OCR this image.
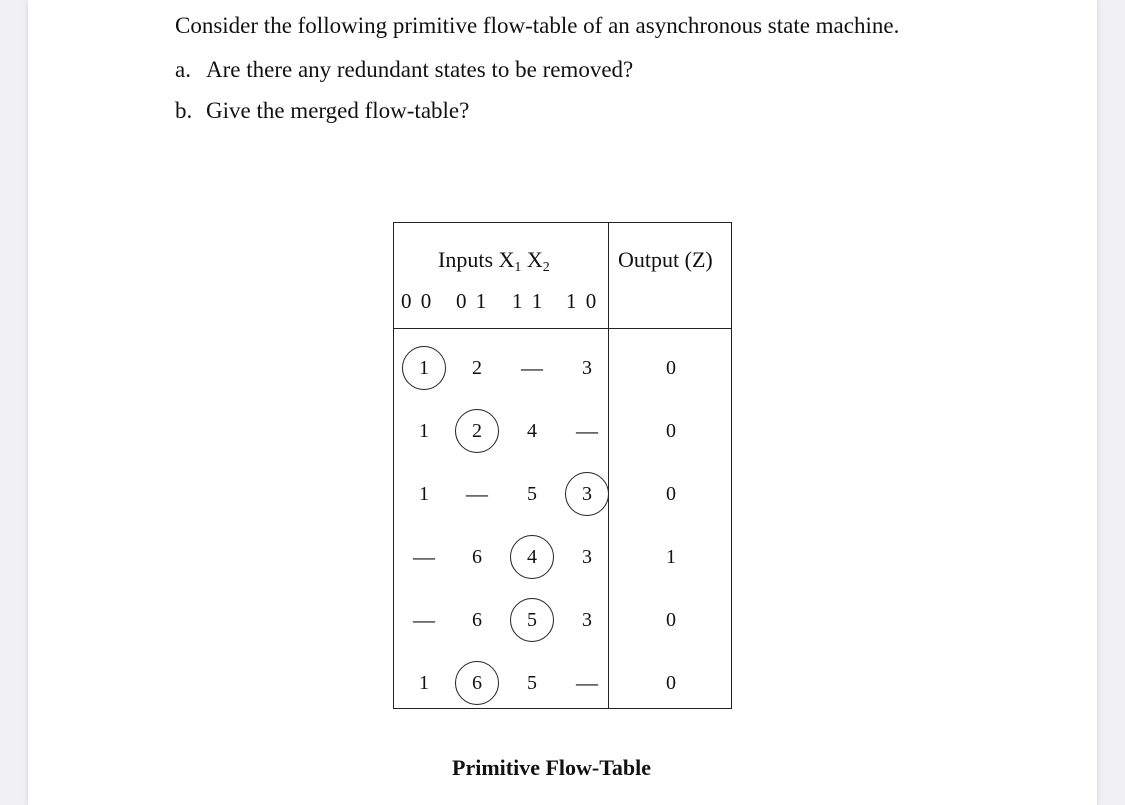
Consider the following primitive flow-table of an asynchronous state machine.
a. Are there any redundant states to be removed?
b. Give the merged flow-table?
Inputs $X_1$ $X_2$	Output (Z)
0 0 0 1 1 1 1 0
1 2 — 3	0
1 2 4 —	0
1 — 5 3	0
— 6 4 3	1
— 6 5 3	0
1 6 5 —	0
Primitive Flow-Table
